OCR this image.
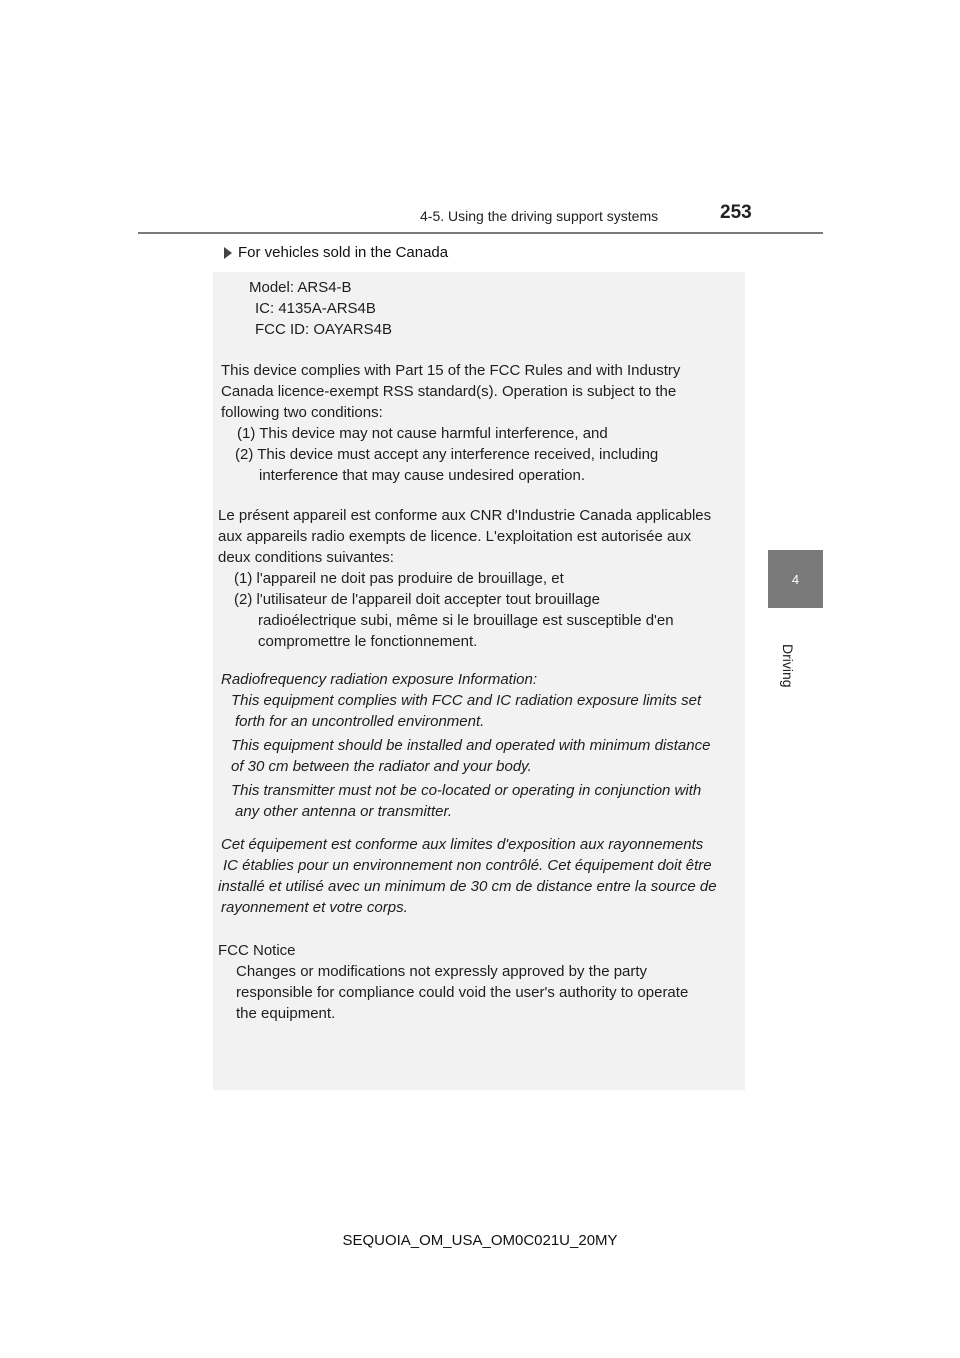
4-5. Using the driving support systems	253
4
Driving
For vehicles sold in the Canada
Model: ARS4-B
IC: 4135A-ARS4B
FCC ID: OAYARS4B
This device complies with Part 15 of the FCC Rules and with Industry
Canada licence-exempt RSS standard(s). Operation is subject to the
following two conditions:
(1) This device may not cause harmful interference, and
(2) This device must accept any interference received, including
interference that may cause undesired operation.
Le présent appareil est conforme aux CNR d'Industrie Canada applicables
aux appareils radio exempts de licence. L'exploitation est autorisée aux
deux conditions suivantes:
(1) l'appareil ne doit pas produire de brouillage, et
(2) l'utilisateur de l'appareil doit accepter tout brouillage
radioélectrique subi, même si le brouillage est susceptible d'en
compromettre le fonctionnement.
Radiofrequency radiation exposure Information:
This equipment complies with FCC and IC radiation exposure limits set
forth for an uncontrolled environment.
This equipment should be installed and operated with minimum distance
of 30 cm between the radiator and your body.
This transmitter must not be co-located or operating in conjunction with
any other antenna or transmitter.
Cet équipement est conforme aux limites d'exposition aux rayonnements
IC établies pour un environnement non contrôlé. Cet équipement doit être
installé et utilisé avec un minimum de 30 cm de distance entre la source de
rayonnement et votre corps.
FCC Notice
Changes or modifications not expressly approved by the party
responsible for compliance could void the user's authority to operate
the equipment.
SEQUOIA_OM_USA_OM0C021U_20MY
